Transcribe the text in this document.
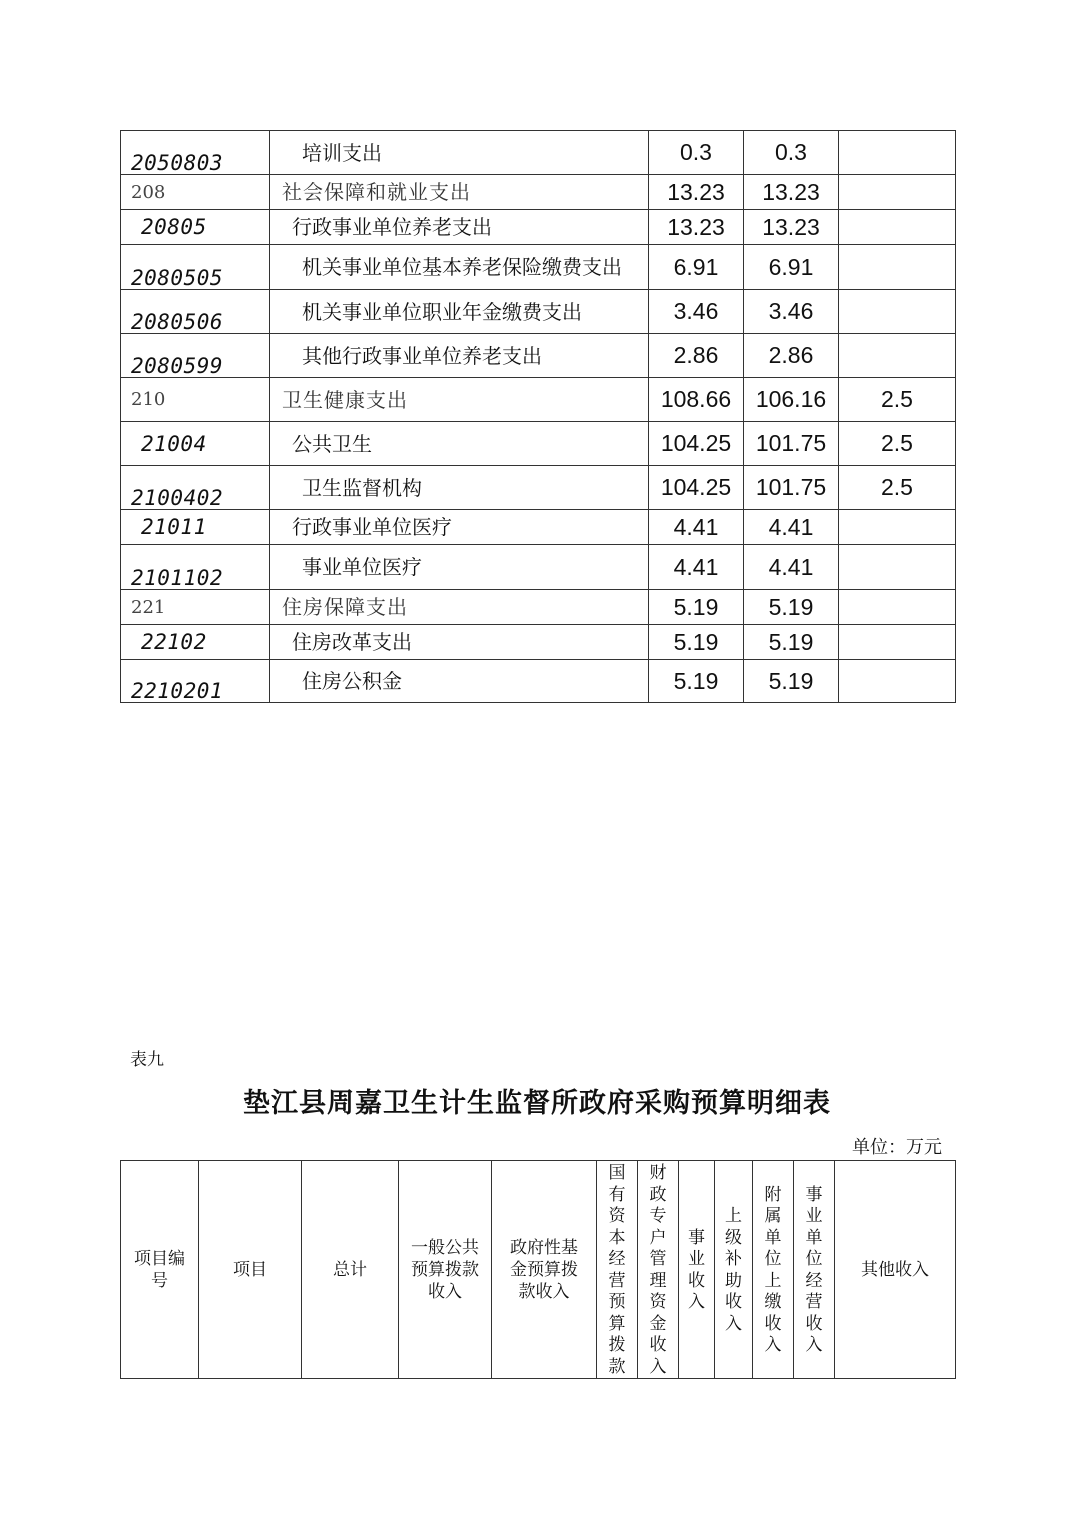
2050803	培训支出	0.3	0.3	
208	社会保障和就业支出	13.23	13.23	
20805	行政事业单位养老支出	13.23	13.23	
2080505	机关事业单位基本养老保险缴费支出	6.91	6.91	
2080506	机关事业单位职业年金缴费支出	3.46	3.46	
2080599	其他行政事业单位养老支出	2.86	2.86	
210	卫生健康支出	108.66	106.16	2.5
21004	公共卫生	104.25	101.75	2.5
2100402	卫生监督机构	104.25	101.75	2.5
21011	行政事业单位医疗	4.41	4.41	
2101102	事业单位医疗	4.41	4.41	
221	住房保障支出	5.19	5.19	
22102	住房改革支出	5.19	5.19	
2210201	住房公积金	5.19	5.19	
表九
垫江县周嘉卫生计生监督所政府采购预算明细表
单位：万元
项目编号	项目	总计	一般公共预算拨款收入	政府性基金预算拨款收入	国有资本经营预算拨款	财政专户管理资金收入	事业收入	上级补助收入	附属单位上缴收入	事业单位经营收入	其他收入
